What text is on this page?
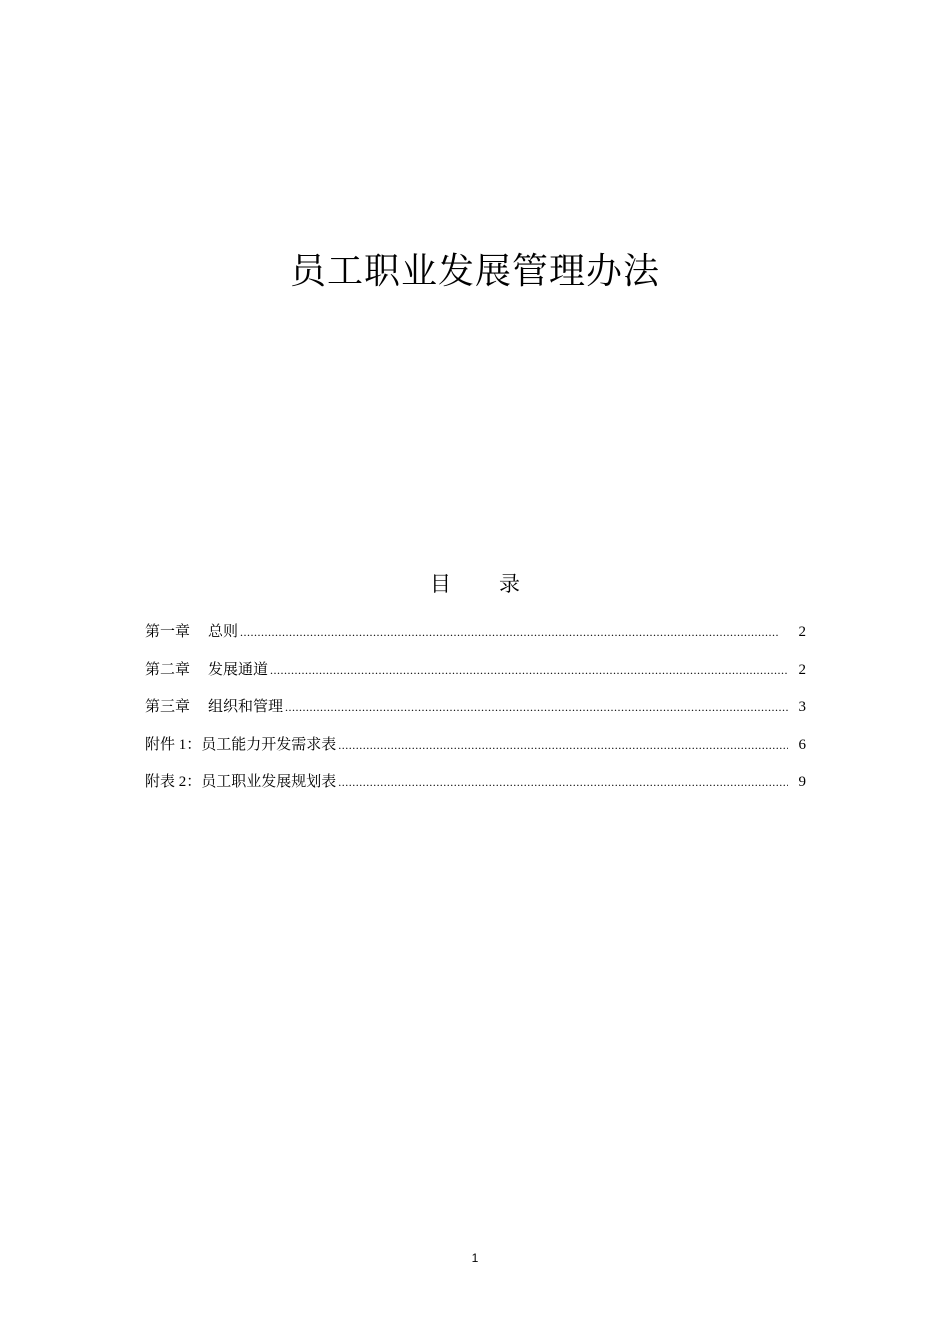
员工职业发展管理办法
目 录
第一章 总则 .....	2
第二章 发展通道 .....	2
第三章 组织和管理 .....	3
附件 1：员工能力开发需求表 .....	6
附表 2：员工职业发展规划表 .....	9
1
